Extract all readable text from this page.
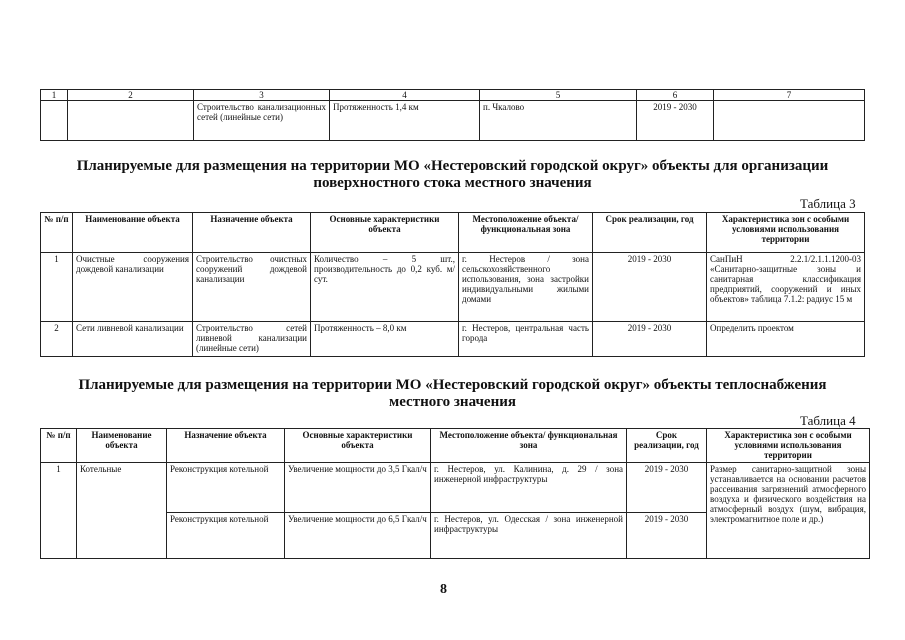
1	2	3	4	5	6	7
		Строительство канализационных сетей (линейные сети)	Протяженность 1,4 км	п. Чкалово	2019 - 2030	
Планируемые для размещения на территории МО «Нестеровский городской округ» объекты для организации
поверхностного стока местного значения
Таблица 3
№ п/п	Наименование объекта	Назначение объекта	Основные характеристики объекта	Местоположение объекта/ функциональная зона	Срок реализации, год	Характеристика зон с особыми условиями использования территории
1	Очистные сооружения дождевой канализации	Строительство очистных сооружений дождевой канализации	Количество – 5 шт., производительность до 0,2 куб. м/сут.	г. Нестеров / зона сельскохозяйственного использования, зона застройки индивидуальными жилыми домами	2019 - 2030	СанПиН 2.2.1/2.1.1.1200-03 «Санитарно-защитные зоны и санитарная классификация предприятий, сооружений и иных объектов» таблица 7.1.2: радиус 15 м
2	Сети ливневой канализации	Строительство сетей ливневой канализации (линейные сети)	Протяженность – 8,0 км	г. Нестеров, центральная часть города	2019 - 2030	Определить проектом
Планируемые для размещения на территории МО «Нестеровский городской округ» объекты теплоснабжения
местного значения
Таблица 4
№ п/п	Наименование объекта	Назначение объекта	Основные характеристики объекта	Местоположение объекта/ функциональная зона	Срок реализации, год	Характеристика зон с особыми условиями использования территории
1	Котельные	Реконструкция котельной	Увеличение мощности до 3,5 Гкал/ч	г. Нестеров, ул. Калинина, д. 29 / зона инженерной инфраструктуры	2019 - 2030	Размер санитарно-защитной зоны устанавливается на основании расчетов рассеивания загрязнений атмосферного воздуха и физического воздействия на атмосферный воздух (шум, вибрация, электромагнитное поле и др.)
		Реконструкция котельной	Увеличение мощности до 6,5 Гкал/ч	г. Нестеров, ул. Одесская / зона инженерной инфраструктуры	2019 - 2030	
8
